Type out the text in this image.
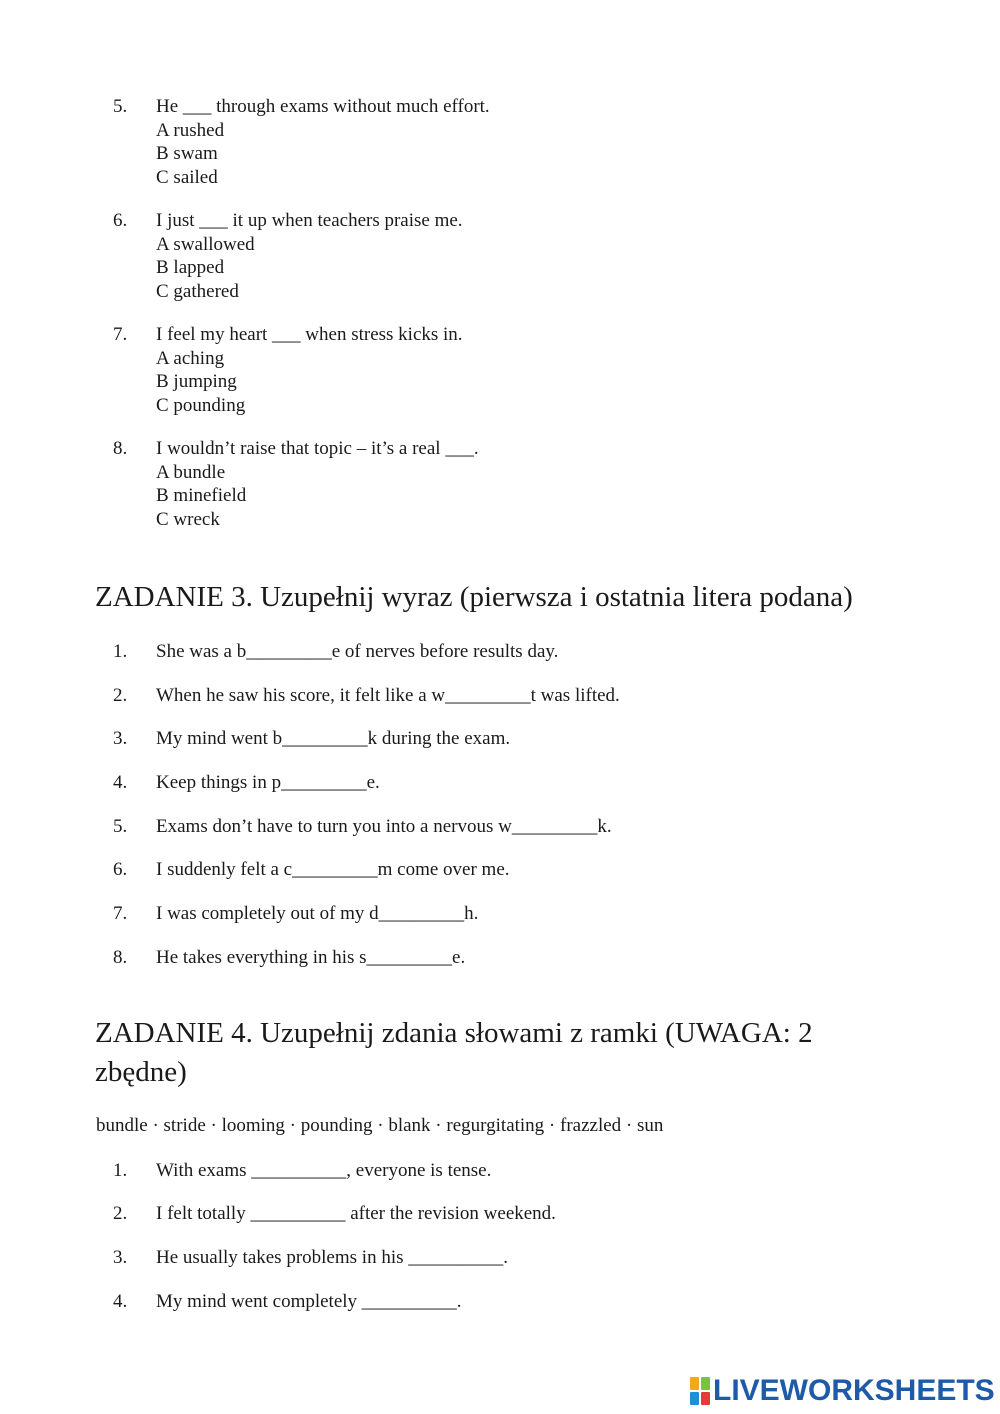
5. He ___ through exams without much effort.
A rushed
B swam
C sailed
6. I just ___ it up when teachers praise me.
A swallowed
B lapped
C gathered
7. I feel my heart ___ when stress kicks in.
A aching
B jumping
C pounding
8. I wouldn’t raise that topic – it’s a real ___.
A bundle
B minefield
C wreck
ZADANIE 3. Uzupełnij wyraz (pierwsza i ostatnia litera podana)
1. She was a b_________e of nerves before results day.
2. When he saw his score, it felt like a w_________t was lifted.
3. My mind went b_________k during the exam.
4. Keep things in p_________e.
5. Exams don’t have to turn you into a nervous w_________k.
6. I suddenly felt a c_________m come over me.
7. I was completely out of my d_________h.
8. He takes everything in his s_________e.
ZADANIE 4. Uzupełnij zdania słowami z ramki (UWAGA: 2
zbędne)
bundle · stride · looming · pounding · blank · regurgitating · frazzled · sun
1. With exams __________, everyone is tense.
2. I felt totally __________ after the revision weekend.
3. He usually takes problems in his __________.
4. My mind went completely __________.
LIVEWORKSHEETS
